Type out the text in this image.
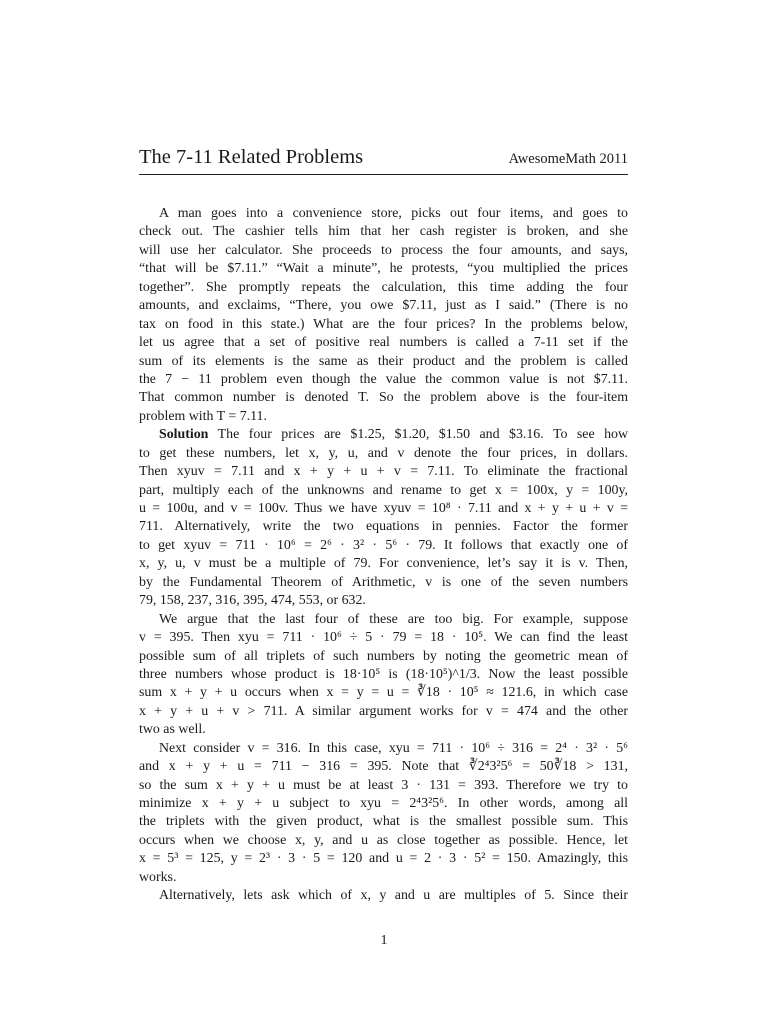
The 7-11 Related Problems	AwesomeMath 2011
A man goes into a convenience store, picks out four items, and goes to
check out. The cashier tells him that her cash register is broken, and she
will use her calculator. She proceeds to process the four amounts, and says,
“that will be $7.11.” “Wait a minute”, he protests, “you multiplied the prices
together”. She promptly repeats the calculation, this time adding the four
amounts, and exclaims, “There, you owe $7.11, just as I said.” (There is no
tax on food in this state.) What are the four prices? In the problems below,
let us agree that a set of positive real numbers is called a 7-11 set if the
sum of its elements is the same as their product and the problem is called
the 7 − 11 problem even though the value the common value is not $7.11.
That common number is denoted T. So the problem above is the four-item
problem with T = 7.11.
Solution The four prices are $1.25, $1.20, $1.50 and $3.16. To see how
to get these numbers, let x, y, u, and v denote the four prices, in dollars.
Then xyuv = 7.11 and x + y + u + v = 7.11. To eliminate the fractional
part, multiply each of the unknowns and rename to get x = 100x, y = 100y,
u = 100u, and v = 100v. Thus we have xyuv = 10⁸ · 7.11 and x + y + u + v =
711. Alternatively, write the two equations in pennies. Factor the former
to get xyuv = 711 · 10⁶ = 2⁶ · 3² · 5⁶ · 79. It follows that exactly one of
x, y, u, v must be a multiple of 79. For convenience, let’s say it is v. Then,
by the Fundamental Theorem of Arithmetic, v is one of the seven numbers
79, 158, 237, 316, 395, 474, 553, or 632.
We argue that the last four of these are too big. For example, suppose
v = 395. Then xyu = 711 · 10⁶ ÷ 5 · 79 = 18 · 10⁵. We can find the least
possible sum of all triplets of such numbers by noting the geometric mean of
three numbers whose product is 18·10⁵ is (18·10⁵)^1/3. Now the least possible
sum x + y + u occurs when x = y = u = ∛18 · 10⁵ ≈ 121.6, in which case
x + y + u + v > 711. A similar argument works for v = 474 and the other
two as well.
Next consider v = 316. In this case, xyu = 711 · 10⁶ ÷ 316 = 2⁴ · 3² · 5⁶
and x + y + u = 711 − 316 = 395. Note that ∛2⁴3²5⁶ = 50∛18 > 131,
so the sum x + y + u must be at least 3 · 131 = 393. Therefore we try to
minimize x + y + u subject to xyu = 2⁴3²5⁶. In other words, among all
the triplets with the given product, what is the smallest possible sum. This
occurs when we choose x, y, and u as close together as possible. Hence, let
x = 5³ = 125, y = 2³ · 3 · 5 = 120 and u = 2 · 3 · 5² = 150. Amazingly, this
works.
Alternatively, lets ask which of x, y and u are multiples of 5. Since their
1
